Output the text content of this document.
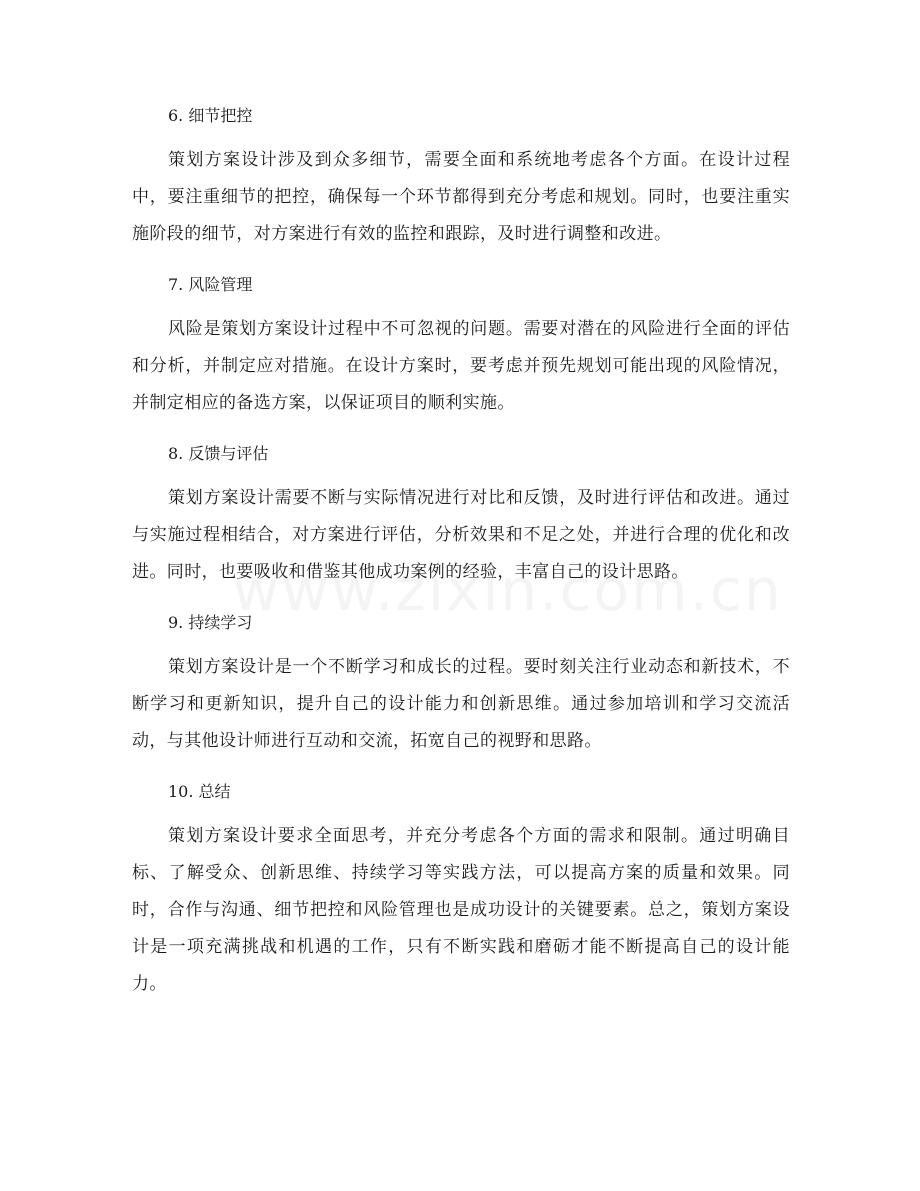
6. 细节把控
策划方案设计涉及到众多细节，需要全面和系统地考虑各个方面。在设计过程中，要注重细节的把控，确保每一个环节都得到充分考虑和规划。同时，也要注重实施阶段的细节，对方案进行有效的监控和跟踪，及时进行调整和改进。
7. 风险管理
风险是策划方案设计过程中不可忽视的问题。需要对潜在的风险进行全面的评估和分析，并制定应对措施。在设计方案时，要考虑并预先规划可能出现的风险情况，并制定相应的备选方案，以保证项目的顺利实施。
8. 反馈与评估
策划方案设计需要不断与实际情况进行对比和反馈，及时进行评估和改进。通过与实施过程相结合，对方案进行评估，分析效果和不足之处，并进行合理的优化和改进。同时，也要吸收和借鉴其他成功案例的经验，丰富自己的设计思路。
9. 持续学习
策划方案设计是一个不断学习和成长的过程。要时刻关注行业动态和新技术，不断学习和更新知识，提升自己的设计能力和创新思维。通过参加培训和学习交流活动，与其他设计师进行互动和交流，拓宽自己的视野和思路。
10. 总结
策划方案设计要求全面思考，并充分考虑各个方面的需求和限制。通过明确目标、了解受众、创新思维、持续学习等实践方法，可以提高方案的质量和效果。同时，合作与沟通、细节把控和风险管理也是成功设计的关键要素。总之，策划方案设计是一项充满挑战和机遇的工作，只有不断实践和磨砺才能不断提高自己的设计能力。
